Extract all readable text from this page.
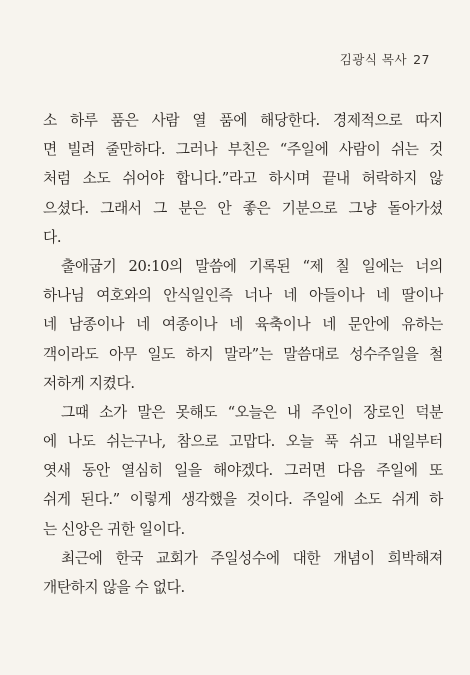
김광식 목사 27
소 하루 품은 사람 열 품에 해당한다. 경제적으로 따지
면 빌려 줄만하다. 그러나 부친은 “주일에 사람이 쉬는 것
처럼 소도 쉬어야 합니다.”라고 하시며 끝내 허락하지 않
으셨다. 그래서 그 분은 안 좋은 기분으로 그냥 돌아가셨
다.
출애굽기 20:10의 말씀에 기록된 “제 칠 일에는 너의
하나님 여호와의 안식일인즉 너나 네 아들이나 네 딸이나
네 남종이나 네 여종이나 네 육축이나 네 문안에 유하는
객이라도 아무 일도 하지 말라”는 말씀대로 성수주일을 철
저하게 지켰다.
그때 소가 말은 못해도 “오늘은 내 주인이 장로인 덕분
에 나도 쉬는구나, 참으로 고맙다. 오늘 푹 쉬고 내일부터
엿새 동안 열심히 일을 해야겠다. 그러면 다음 주일에 또
쉬게 된다.” 이렇게 생각했을 것이다. 주일에 소도 쉬게 하
는 신앙은 귀한 일이다.
최근에 한국 교회가 주일성수에 대한 개념이 희박해져
개탄하지 않을 수 없다.
